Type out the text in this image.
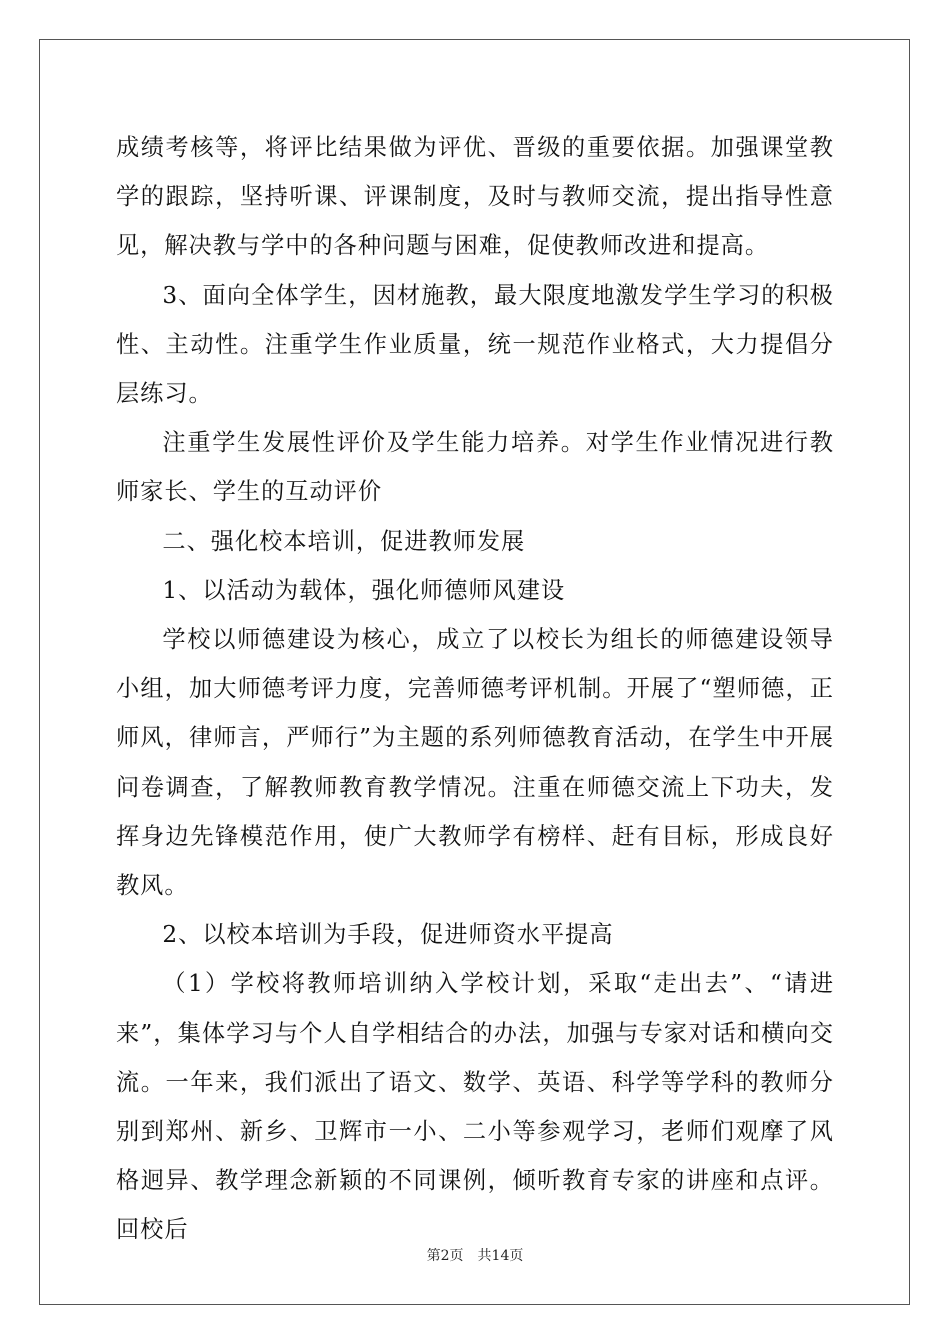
成绩考核等，将评比结果做为评优、晋级的重要依据。加强课堂教学的跟踪，坚持听课、评课制度，及时与教师交流，提出指导性意见，解决教与学中的各种问题与困难，促使教师改进和提高。

3、面向全体学生，因材施教，最大限度地激发学生学习的积极性、主动性。注重学生作业质量，统一规范作业格式，大力提倡分层练习。

注重学生发展性评价及学生能力培养。对学生作业情况进行教师家长、学生的互动评价

二、强化校本培训，促进教师发展

1、以活动为载体，强化师德师风建设

学校以师德建设为核心，成立了以校长为组长的师德建设领导小组，加大师德考评力度，完善师德考评机制。开展了“塑师德，正师风，律师言，严师行”为主题的系列师德教育活动，在学生中开展问卷调查，了解教师教育教学情况。注重在师德交流上下功夫，发挥身边先锋模范作用，使广大教师学有榜样、赶有目标，形成良好教风。

2、以校本培训为手段，促进师资水平提高

（1）学校将教师培训纳入学校计划，采取“走出去”、“请进来”，集体学习与个人自学相结合的办法，加强与专家对话和横向交流。一年来，我们派出了语文、数学、英语、科学等学科的教师分别到郑州、新乡、卫辉市一小、二小等参观学习，老师们观摩了风格迥异、教学理念新颖的不同课例，倾听教育专家的讲座和点评。回校后

第2页 共14页
